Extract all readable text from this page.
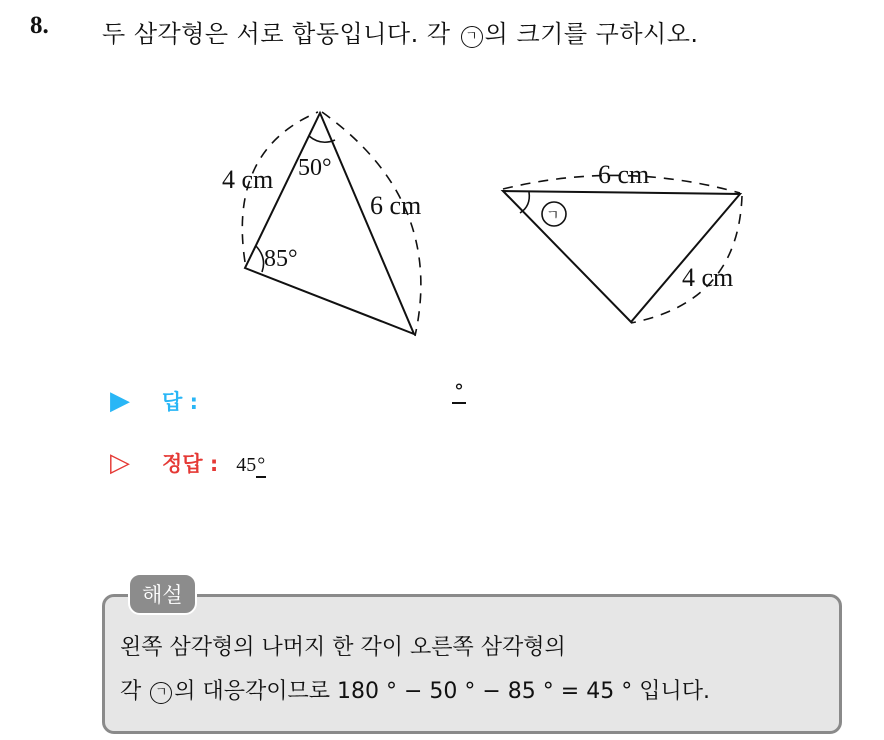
8. 두 삼각형은 서로 합동입니다. 각 ㄱ 의 크기를 구하시오.
4 cm
6 cm
50°
85°
ㄱ
6 cm
4 cm
▶ 답 :	°
▷ 정답 : 45°
해설
왼쪽 삼각형의 나머지 한 각이 오른쪽 삼각형의
각 ㄱ 의 대응각이므로 180 ° − 50 ° − 85 ° = 45 ° 입니다.
